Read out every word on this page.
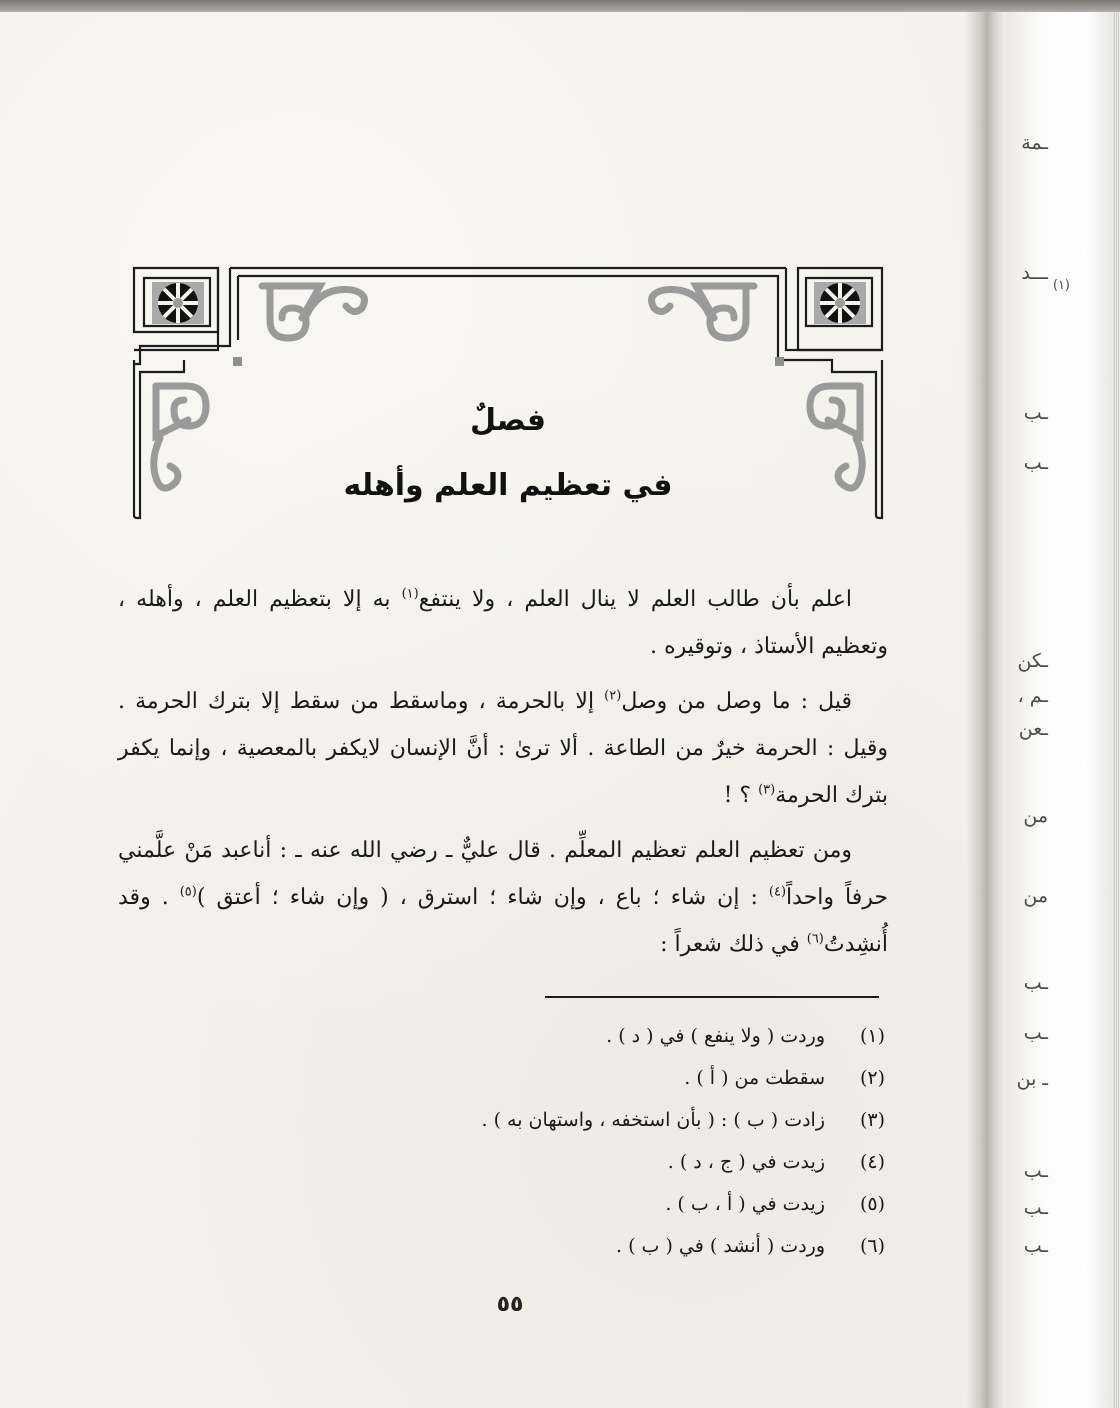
ـمة
ـــد
(١)
ـب
ـب
ـكن
ـم ،
ـعن
من
من
ـب
ـب
ـ بن
ـب
ـب
ـب
فصلٌ
في تعظيم العلم وأهله

اعلم بأن طالب العلم لا ينال العلم ، ولا ينتفع$^{(١)}$ به إلا بتعظيم العلم ، وأهله ، وتعظيم الأستاذ ، وتوقيره .

قيل : ما وصل من وصل$^{(٢)}$ إلا بالحرمة ، وماسقط من سقط إلا بترك الحرمة . وقيل : الحرمة خيرٌ من الطاعة . ألا ترىٰ : أنَّ الإنسان لايكفر بالمعصية ، وإنما يكفر بترك الحرمة$^{(٣)}$ ؟ !

ومن تعظيم العلم تعظيم المعلِّم . قال عليٌّ ـ رضي الله عنه ـ : أناعبد مَنْ علَّمني حرفاً واحداً$^{(٤)}$ : إن شاء ؛ باع ، وإن شاء ؛ استرق ، ( وإن شاء ؛ أعتق )$^{(٥)}$ . وقد أُنشِدتُ$^{(٦)}$ في ذلك شعراً :

(١)
وردت ( ولا ينفع ) في ( د ) .
(٢)
سقطت من ( أ ) .
(٣)
زادت ( ب ) : ( بأن استخفه ، واستهان به ) .
(٤)
زيدت في ( ج ، د ) .
(٥)
زيدت في ( أ ، ب ) .
(٦)
وردت ( أنشد ) في ( ب ) .
٥٥
